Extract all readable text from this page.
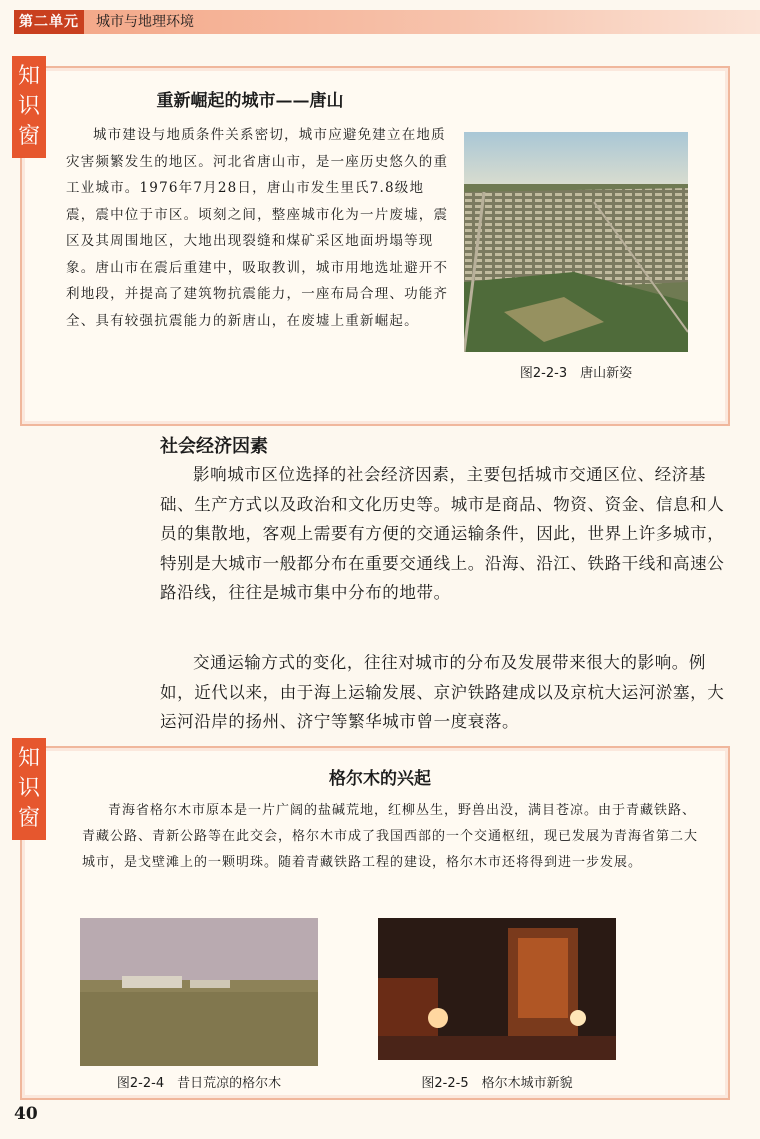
第二单元	城市与地理环境
知识窗
重新崛起的城市——唐山

城市建设与地质条件关系密切，城市应避免建立在地质灾害频繁发生的地区。河北省唐山市，是一座历史悠久的重工业城市。1976年7月28日，唐山市发生里氏7.8级地震，震中位于市区。顷刻之间，整座城市化为一片废墟，震区及其周围地区，大地出现裂缝和煤矿采区地面坍塌等现象。唐山市在震后重建中，吸取教训，城市用地选址避开不利地段，并提高了建筑物抗震能力，一座布局合理、功能齐全、具有较强抗震能力的新唐山，在废墟上重新崛起。

图2-2-3　唐山新姿
社会经济因素

影响城市区位选择的社会经济因素，主要包括城市交通区位、经济基础、生产方式以及政治和文化历史等。城市是商品、物资、资金、信息和人员的集散地，客观上需要有方便的交通运输条件，因此，世界上许多城市，特别是大城市一般都分布在重要交通线上。沿海、沿江、铁路干线和高速公路沿线，往往是城市集中分布的地带。

交通运输方式的变化，往往对城市的分布及发展带来很大的影响。例如，近代以来，由于海上运输发展、京沪铁路建成以及京杭大运河淤塞，大运河沿岸的扬州、济宁等繁华城市曾一度衰落。

知识窗
格尔木的兴起

青海省格尔木市原本是一片广阔的盐碱荒地，红柳丛生，野兽出没，满目苍凉。由于青藏铁路、青藏公路、青新公路等在此交会，格尔木市成了我国西部的一个交通枢纽，现已发展为青海省第二大城市，是戈壁滩上的一颗明珠。随着青藏铁路工程的建设，格尔木市还将得到进一步发展。

图2-2-4　昔日荒凉的格尔木	图2-2-5　格尔木城市新貌
40
